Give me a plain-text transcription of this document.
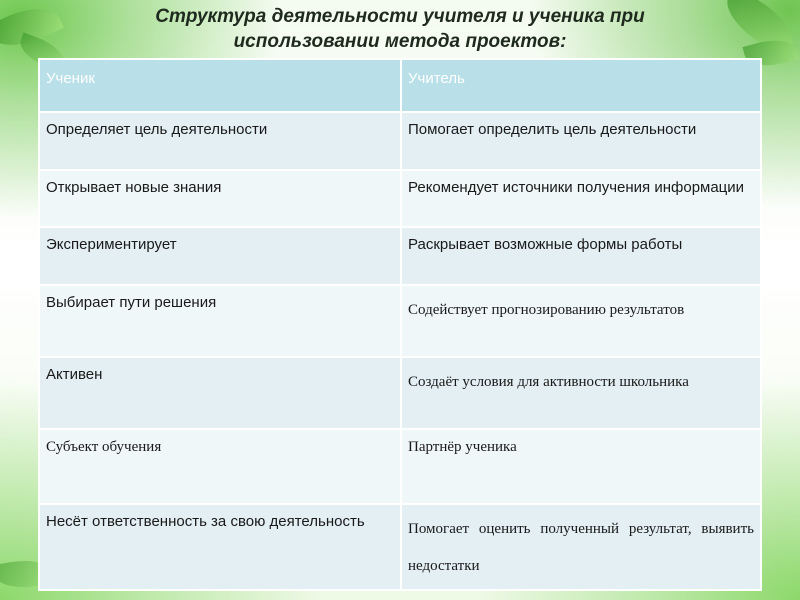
Структура деятельности учителя и ученика при
использовании метода проектов:
Ученик	Учитель
Определяет цель деятельности	Помогает определить цель деятельности
Открывает новые знания	Рекомендует источники получения информации
Экспериментирует	Раскрывает возможные формы работы
Выбирает пути решения	Содействует прогнозированию результатов
Активен	Создаёт условия для активности школьника
Субъект обучения	Партнёр ученика
Несёт ответственность за свою деятельность	Помогает оценить полученный результат, выявить недостатки
